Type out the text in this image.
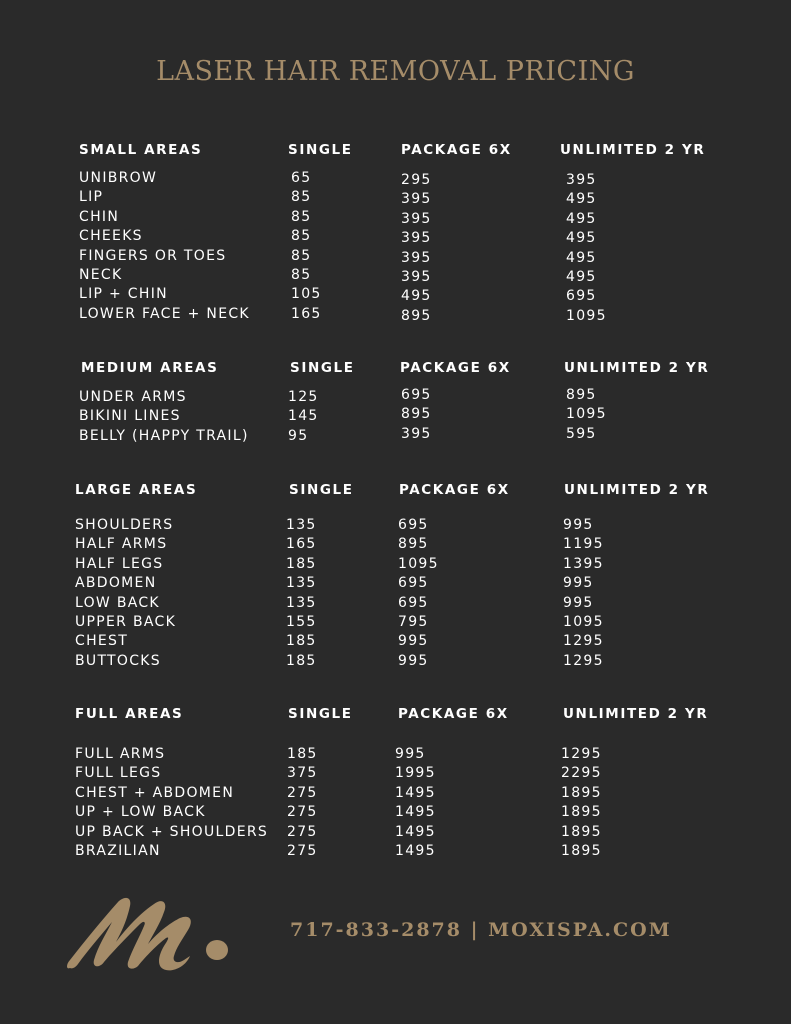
LASER HAIR REMOVAL PRICING
SMALL AREAS	SINGLE	PACKAGE 6X	UNLIMITED 2 YR
UNIBROW	65	295	395
LIP	85	395	495
CHIN	85	395	495
CHEEKS	85	395	495
FINGERS OR TOES	85	395	495
NECK	85	395	495
LIP + CHIN	105	495	695
LOWER FACE + NECK	165	895	1095
MEDIUM AREAS	SINGLE	PACKAGE 6X	UNLIMITED 2 YR
UNDER ARMS	125	695	895
BIKINI LINES	145	895	1095
BELLY (HAPPY TRAIL)	95	395	595
LARGE AREAS	SINGLE	PACKAGE 6X	UNLIMITED 2 YR
SHOULDERS	135	695	995
HALF ARMS	165	895	1195
HALF LEGS	185	1095	1395
ABDOMEN	135	695	995
LOW BACK	135	695	995
UPPER BACK	155	795	1095
CHEST	185	995	1295
BUTTOCKS	185	995	1295
FULL AREAS	SINGLE	PACKAGE 6X	UNLIMITED 2 YR
FULL ARMS	185	995	1295
FULL LEGS	375	1995	2295
CHEST + ABDOMEN	275	1495	1895
UP + LOW BACK	275	1495	1895
UP BACK + SHOULDERS 275	1495	1895
BRAZILIAN	275	1495	1895
717-833-2878 | MOXISPA.COM
